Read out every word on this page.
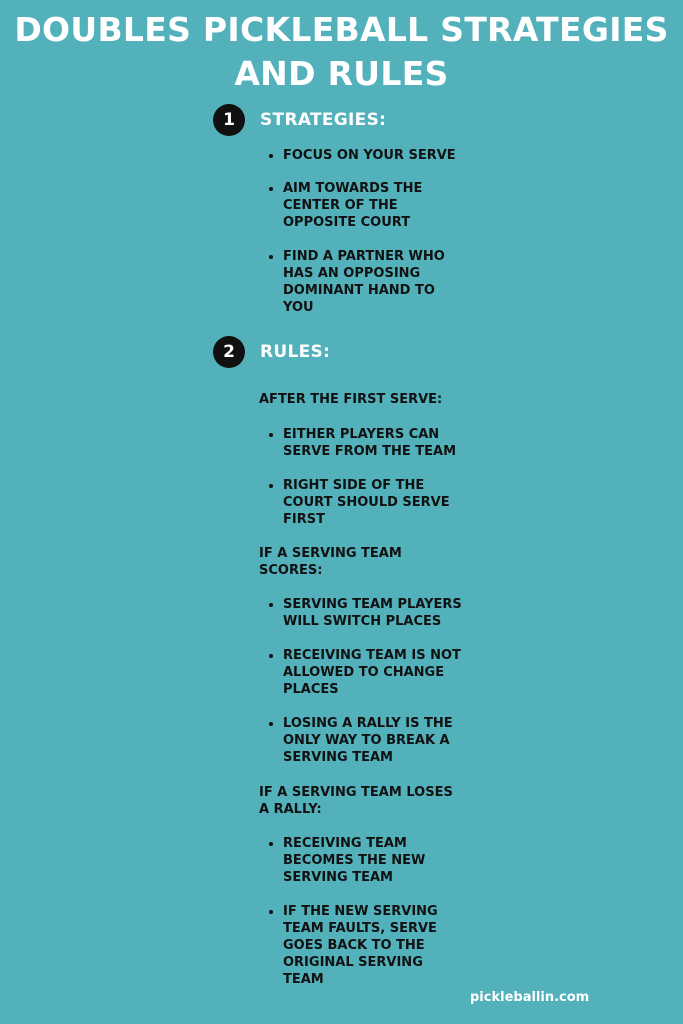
DOUBLES PICKLEBALL STRATEGIES
AND RULES
1	STRATEGIES:
FOCUS ON YOUR SERVE
AIM TOWARDS THE CENTER OF THE OPPOSITE COURT
FIND A PARTNER WHO HAS AN OPPOSING DOMINANT HAND TO YOU
2	RULES:
AFTER THE FIRST SERVE:
EITHER PLAYERS CAN SERVE FROM THE TEAM
RIGHT SIDE OF THE COURT SHOULD SERVE FIRST
IF A SERVING TEAM SCORES:
SERVING TEAM PLAYERS WILL SWITCH PLACES
RECEIVING TEAM IS NOT ALLOWED TO CHANGE PLACES
LOSING A RALLY IS THE ONLY WAY TO BREAK A SERVING TEAM
IF A SERVING TEAM LOSES A RALLY:
RECEIVING TEAM BECOMES THE NEW SERVING TEAM
IF THE NEW SERVING TEAM FAULTS, SERVE GOES BACK TO THE ORIGINAL SERVING TEAM
pickleballin.com
